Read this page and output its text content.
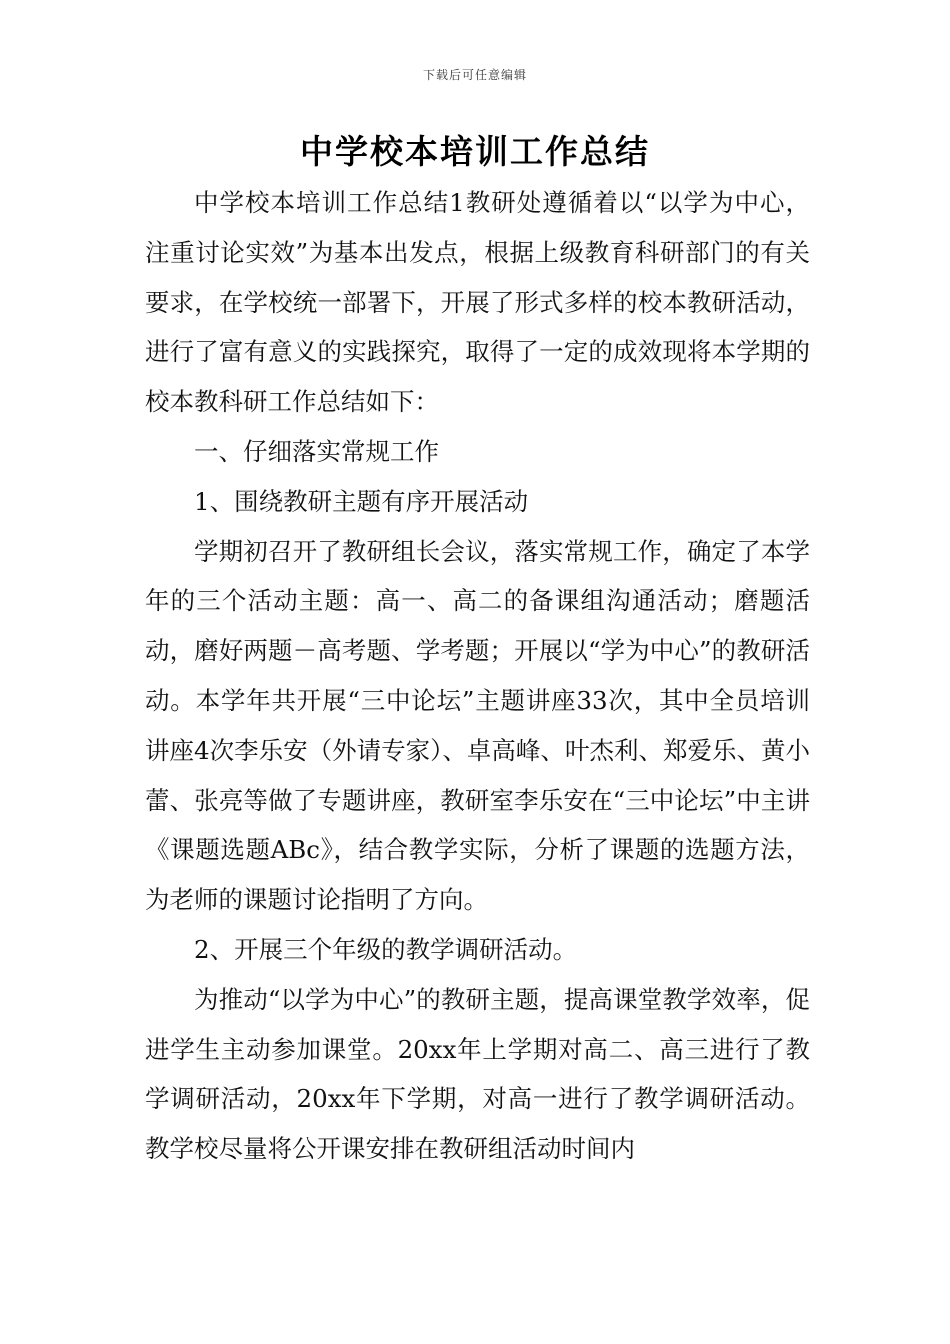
下载后可任意编辑
中学校本培训工作总结

中学校本培训工作总结1教研处遵循着以“以学为中心，注重讨论实效”为基本出发点，根据上级教育科研部门的有关要求，在学校统一部署下，开展了形式多样的校本教研活动，进行了富有意义的实践探究，取得了一定的成效现将本学期的校本教科研工作总结如下：

一、仔细落实常规工作

1、围绕教研主题有序开展活动

学期初召开了教研组长会议，落实常规工作，确定了本学年的三个活动主题：高一、高二的备课组沟通活动；磨题活动，磨好两题－高考题、学考题；开展以“学为中心”的教研活动。本学年共开展“三中论坛”主题讲座33次，其中全员培训讲座4次李乐安（外请专家）、卓高峰、叶杰利、郑爱乐、黄小蕾、张亮等做了专题讲座，教研室李乐安在“三中论坛”中主讲《课题选题ABc》，结合教学实际，分析了课题的选题方法，为老师的课题讨论指明了方向。

2、开展三个年级的教学调研活动。

为推动“以学为中心”的教研主题，提高课堂教学效率，促进学生主动参加课堂。20xx年上学期对高二、高三进行了教学调研活动，20xx年下学期，对高一进行了教学调研活动。教学校尽量将公开课安排在教研组活动时间内
